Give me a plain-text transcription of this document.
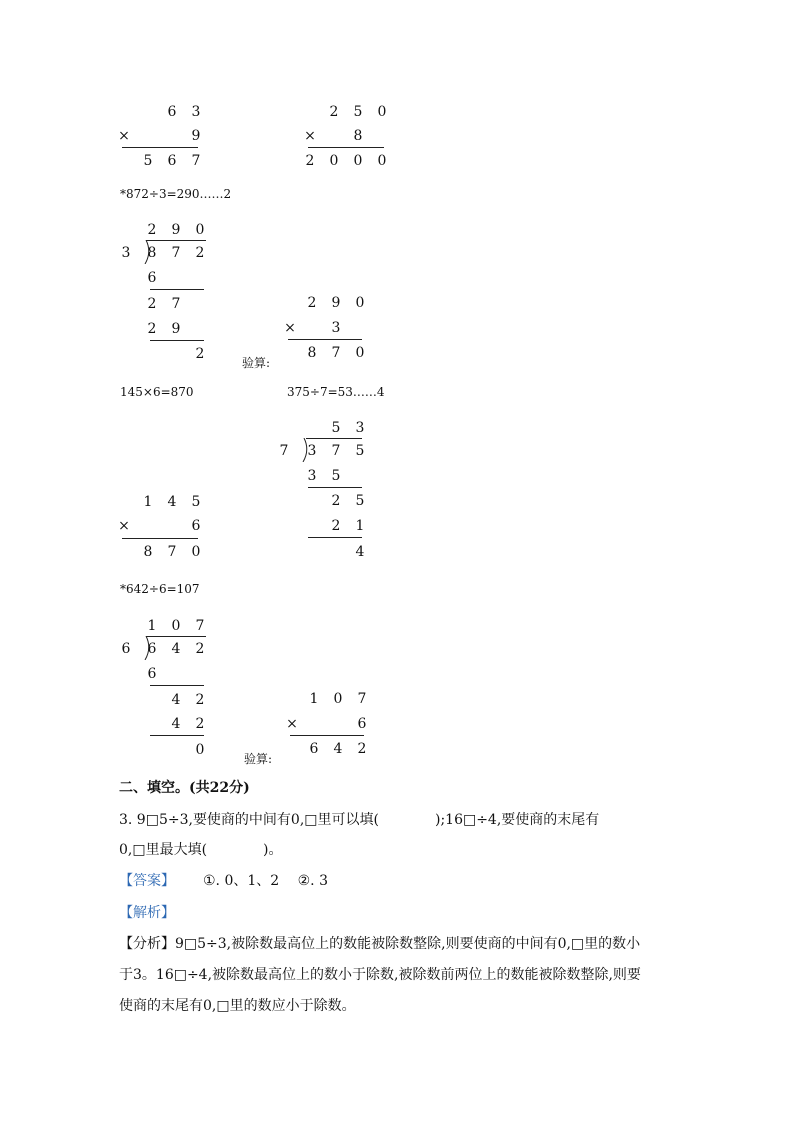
6	3
×	9
5	6	7
2	5	0
×	8
2	0	0	0
*872÷3=290……2
2	9	0
3	8	7	2
6
2	7
2	9
2
2	9	0
×	3
8	7	0
验算:
145×6=870	375÷7=53……4
5	3
7	3	7	5
3	5
2	5
2	1
4
1	4	5
×	6
8	7	0
*642÷6=107
1	0	7
6	6	4	2
6
4	2
4	2
0
1	0	7
×	6
6	4	2
验算:
二、填空。(共22分)
3. 9□5÷3,要使商的中间有0,□里可以填(　　　　);16□÷4,要使商的末尾有
0,□里最大填(　　　　)。
【答案】 ①. 0、1、2　 ②. 3
【解析】
【分析】9□5÷3,被除数最高位上的数能被除数整除,则要使商的中间有0,□里的数小
于3。16□÷4,被除数最高位上的数小于除数,被除数前两位上的数能被除数整除,则要
使商的末尾有0,□里的数应小于除数。
